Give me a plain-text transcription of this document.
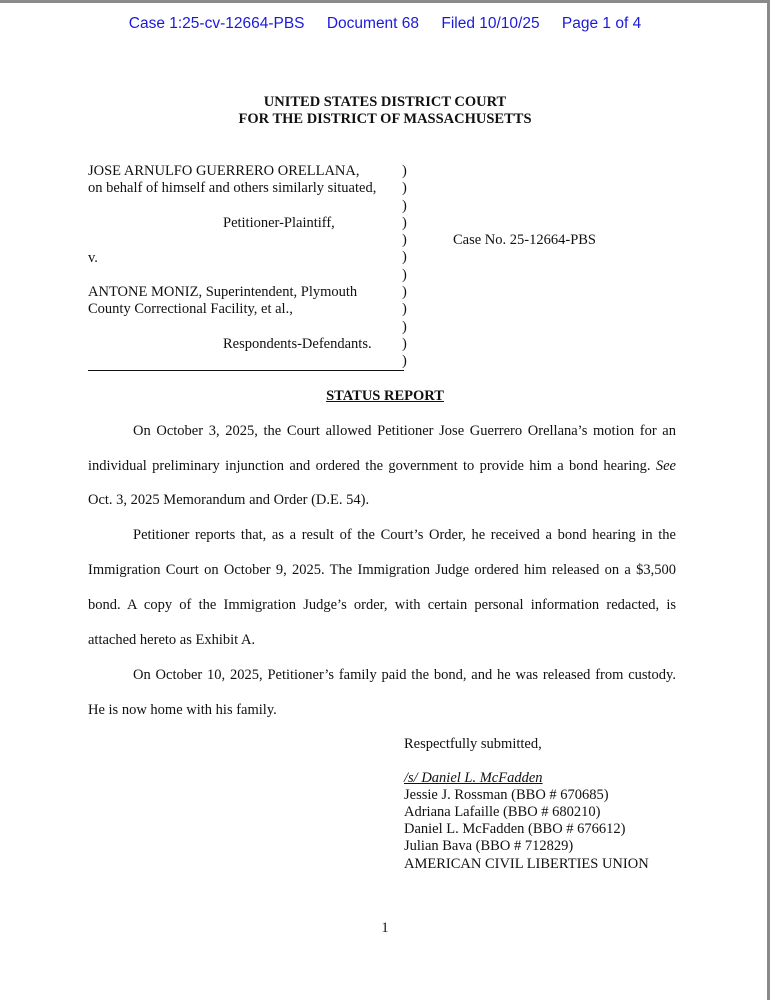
Case 1:25-cv-12664-PBS Document 68 Filed 10/10/25 Page 1 of 4
UNITED STATES DISTRICT COURT
FOR THE DISTRICT OF MASSACHUSETTS
JOSE ARNULFO GUERRERO ORELLANA,
on behalf of himself and others similarly situated,
Petitioner-Plaintiff,
v.
ANTONE MONIZ, Superintendent, Plymouth
County Correctional Facility, et al.,
Respondents-Defendants.
)
)
)
)
)
)
)
)
)
)
)
)
Case No. 25-12664-PBS
STATUS REPORT
On October 3, 2025, the Court allowed Petitioner Jose Guerrero Orellana’s motion for an
individual preliminary injunction and ordered the government to provide him a bond hearing. See
Oct. 3, 2025 Memorandum and Order (D.E. 54).
Petitioner reports that, as a result of the Court’s Order, he received a bond hearing in the
Immigration Court on October 9, 2025. The Immigration Judge ordered him released on a $3,500
bond. A copy of the Immigration Judge’s order, with certain personal information redacted, is
attached hereto as Exhibit A.
On October 10, 2025, Petitioner’s family paid the bond, and he was released from custody.
He is now home with his family.
Respectfully submitted,
/s/ Daniel L. McFadden
Jessie J. Rossman (BBO # 670685)
Adriana Lafaille (BBO # 680210)
Daniel L. McFadden (BBO # 676612)
Julian Bava (BBO # 712829)
AMERICAN CIVIL LIBERTIES UNION
1
